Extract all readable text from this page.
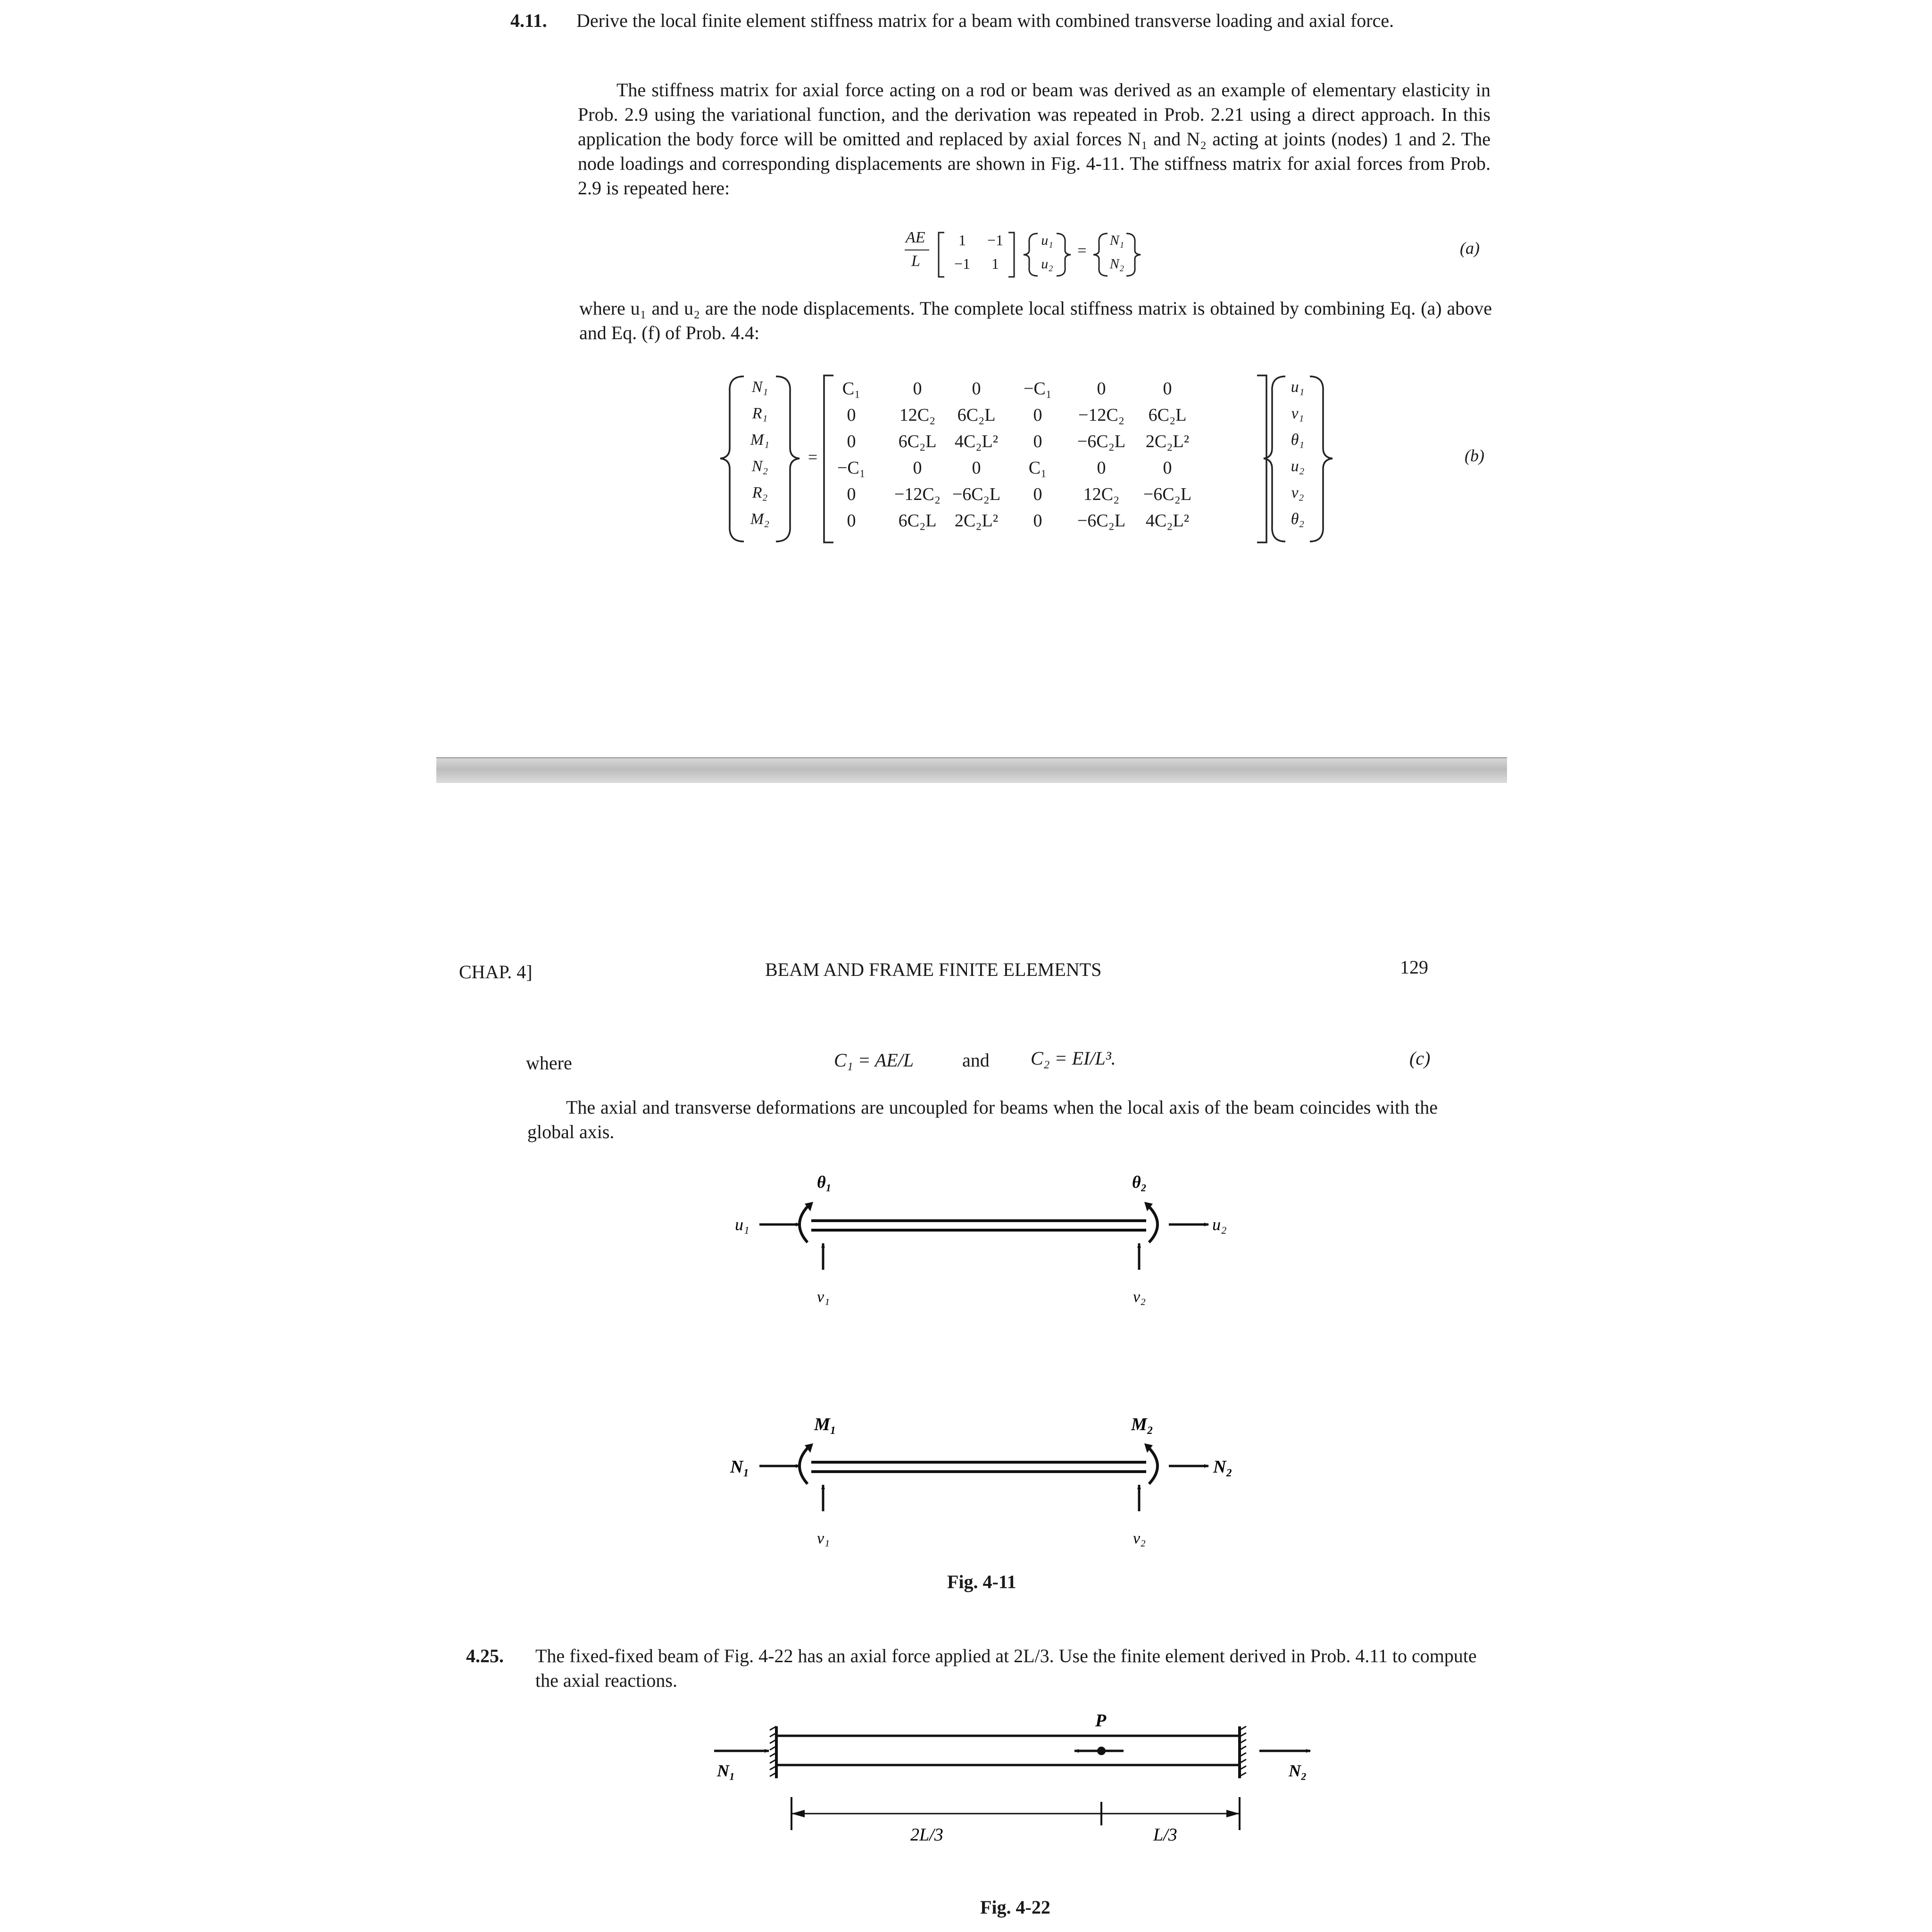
4.11. Derive the local finite element stiffness matrix for a beam with combined transverse loading and axial force.
The stiffness matrix for axial force acting on a rod or beam was derived as an example of elementary elasticity in Prob. 2.9 using the variational function, and the derivation was repeated in Prob. 2.21 using a direct approach. In this application the body force will be omitted and replaced by axial forces N₁ and N₂ acting at joints (nodes) 1 and 2. The node loadings and corresponding displacements are shown in Fig. 4-11. The stiffness matrix for axial forces from Prob. 2.9 is repeated here:
AE
L
1 −1
−1 1
u₁
u₂
=
N₁
N₂
(a)
where u₁ and u₂ are the node displacements. The complete local stiffness matrix is obtained by combining Eq. (a) above and Eq. (f) of Prob. 4.4:
N₁
R₁
M₁
N₂
R₂
M₂
=
C₁	0	0 −C₁	0	0
0 12C₂ 6C₂L 0 −12C₂ 6C₂L
0 6C₂L 4C₂L² 0 −6C₂L 2C₂L²
−C₁	0	0	C₁	0	0
0 −12C₂ −6C₂L 0 12C₂ −6C₂L
0 6C₂L 2C₂L² 0 −6C₂L 4C₂L²
u₁
v₁
θ₁
u₂
v₂
θ₂
(b)
CHAP. 4]	BEAM AND FRAME FINITE ELEMENTS	129
where	C₁ = AE/L	and C₂ = EI/L³.	(c)
The axial and transverse deformations are uncoupled for beams when the local axis of the beam coincides with the global axis.
u₁	u₂
θ₁	θ₂
v₁	v₂
N₁	N₂
M₁	M₂
v₁	v₂
Fig. 4-11
4.25. The fixed-fixed beam of Fig. 4-22 has an axial force applied at 2L/3. Use the finite element derived in Prob. 4.11 to compute the axial reactions.
P
N₁	N₂
2L/3	L/3
Fig. 4-22
